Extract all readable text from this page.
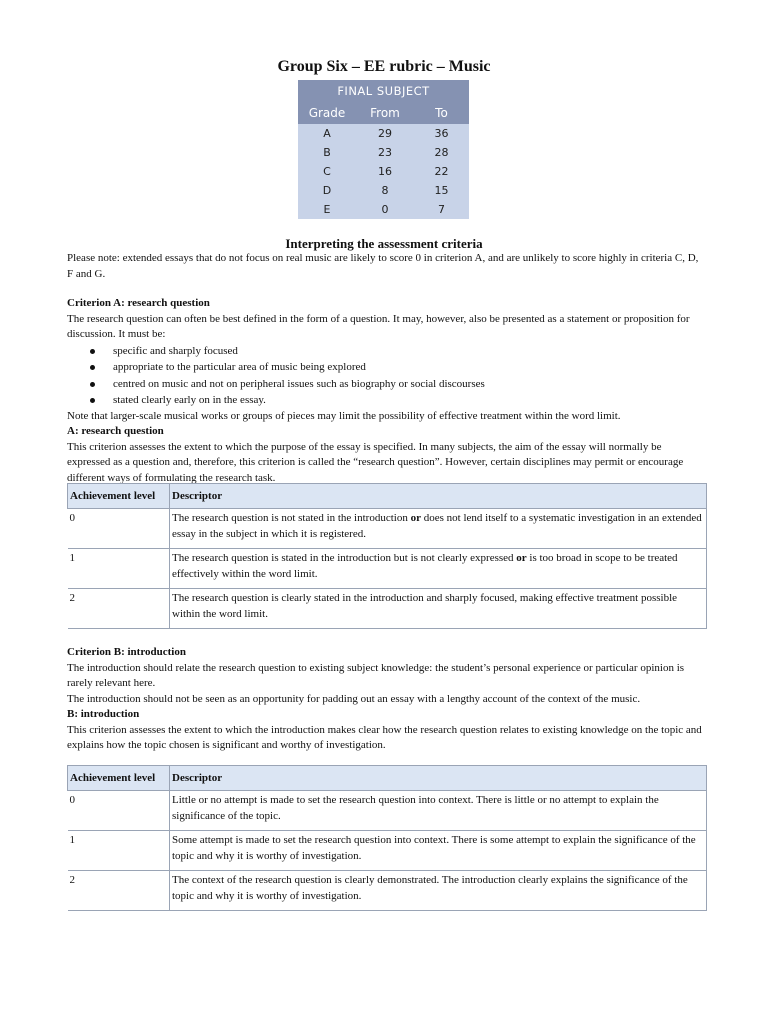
Group Six – EE rubric – Music
FINAL SUBJECT		
Grade	From	To
A	29	36
B	23	28
C	16	22
D	8	15
E	0	7
Interpreting the assessment criteria

Please note: extended essays that do not focus on real music are likely to score 0 in criterion A, and are unlikely to score highly in criteria C, D, F and G.

Criterion A: research question

The research question can often be best defined in the form of a question. It may, however, also be presented as a statement or proposition for discussion. It must be:

specific and sharply focused
appropriate to the particular area of music being explored
centred on music and not on peripheral issues such as biography or social discourses
stated clearly early on in the essay.

Note that larger-scale musical works or groups of pieces may limit the possibility of effective treatment within the word limit.

A: research question

This criterion assesses the extent to which the purpose of the essay is specified. In many subjects, the aim of the essay will normally be expressed as a question and, therefore, this criterion is called the “research question”. However, certain disciplines may permit or encourage different ways of formulating the research task.

Achievement level	Descriptor
0	The research question is not stated in the introduction or does not lend itself to a systematic investigation in an extended essay in the subject in which it is registered.
1	The research question is stated in the introduction but is not clearly expressed or is too broad in scope to be treated effectively within the word limit.
2	The research question is clearly stated in the introduction and sharply focused, making effective treatment possible within the word limit.

Criterion B: introduction

The introduction should relate the research question to existing subject knowledge: the student’s personal experience or particular opinion is rarely relevant here.

The introduction should not be seen as an opportunity for padding out an essay with a lengthy account of the context of the music.

B: introduction

This criterion assesses the extent to which the introduction makes clear how the research question relates to existing knowledge on the topic and explains how the topic chosen is significant and worthy of investigation.

Achievement level	Descriptor
0	Little or no attempt is made to set the research question into context. There is little or no attempt to explain the significance of the topic.
1	Some attempt is made to set the research question into context. There is some attempt to explain the significance of the topic and why it is worthy of investigation.
2	The context of the research question is clearly demonstrated. The introduction clearly explains the significance of the topic and why it is worthy of investigation.
